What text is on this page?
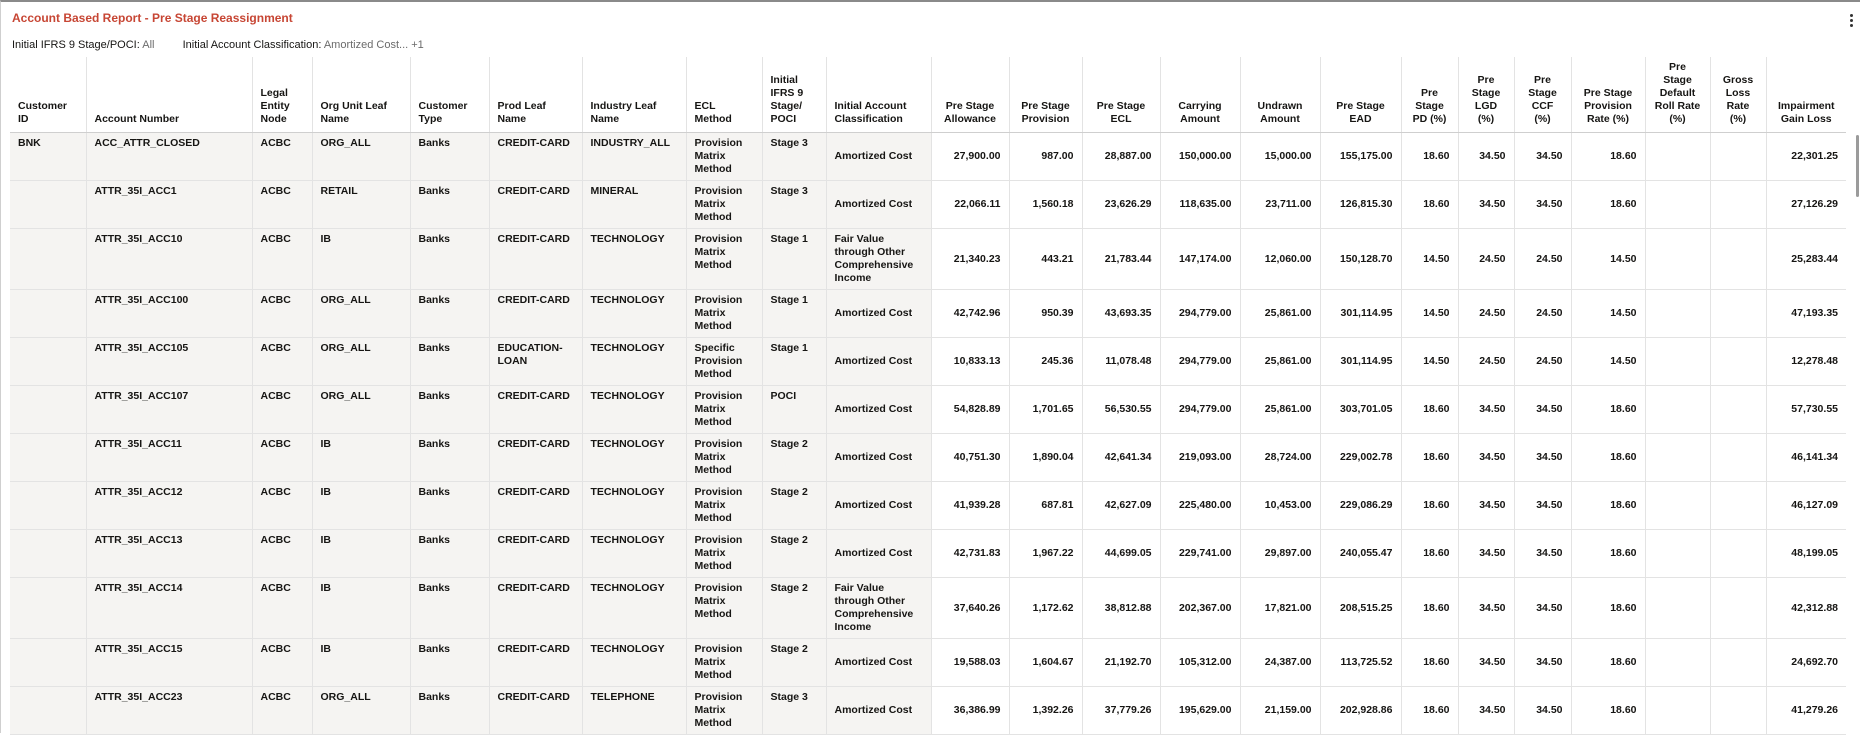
Account Based Report - Pre Stage Reassignment
Initial IFRS 9 Stage/POCI: All	Initial Account Classification: Amortized Cost... +1
Customer ID	Account Number	Legal Entity Node	Org Unit Leaf Name	Customer Type	Prod Leaf Name	Industry Leaf Name	ECL Method	Initial IFRS 9 Stage/ POCI	Initial Account Classification	Pre Stage Allowance	Pre Stage Provision	Pre Stage ECL	Carrying Amount	Undrawn Amount	Pre Stage EAD	Pre Stage PD (%)	Pre Stage LGD (%)	Pre Stage CCF (%)	Pre Stage Provision Rate (%)	Pre Stage Default Roll Rate (%)	Gross Loss Rate (%)	Impairment Gain Loss
BNK	ACC_ATTR_CLOSED	ACBC	ORG_ALL	Banks	CREDIT-CARD	INDUSTRY_ALL	Provision Matrix Method	Stage 3	Amortized Cost	27,900.00	987.00	28,887.00	150,000.00	15,000.00	155,175.00	18.60	34.50	34.50	18.60			22,301.25
	ATTR_35I_ACC1	ACBC	RETAIL	Banks	CREDIT-CARD	MINERAL	Provision Matrix Method	Stage 3	Amortized Cost	22,066.11	1,560.18	23,626.29	118,635.00	23,711.00	126,815.30	18.60	34.50	34.50	18.60			27,126.29
	ATTR_35I_ACC10	ACBC	IB	Banks	CREDIT-CARD	TECHNOLOGY	Provision Matrix Method	Stage 1	Fair Value through Other Comprehensive Income	21,340.23	443.21	21,783.44	147,174.00	12,060.00	150,128.70	14.50	24.50	24.50	14.50			25,283.44
	ATTR_35I_ACC100	ACBC	ORG_ALL	Banks	CREDIT-CARD	TECHNOLOGY	Provision Matrix Method	Stage 1	Amortized Cost	42,742.96	950.39	43,693.35	294,779.00	25,861.00	301,114.95	14.50	24.50	24.50	14.50			47,193.35
	ATTR_35I_ACC105	ACBC	ORG_ALL	Banks	EDUCATION-LOAN	TECHNOLOGY	Specific Provision Method	Stage 1	Amortized Cost	10,833.13	245.36	11,078.48	294,779.00	25,861.00	301,114.95	14.50	24.50	24.50	14.50			12,278.48
	ATTR_35I_ACC107	ACBC	ORG_ALL	Banks	CREDIT-CARD	TECHNOLOGY	Provision Matrix Method	POCI	Amortized Cost	54,828.89	1,701.65	56,530.55	294,779.00	25,861.00	303,701.05	18.60	34.50	34.50	18.60			57,730.55
	ATTR_35I_ACC11	ACBC	IB	Banks	CREDIT-CARD	TECHNOLOGY	Provision Matrix Method	Stage 2	Amortized Cost	40,751.30	1,890.04	42,641.34	219,093.00	28,724.00	229,002.78	18.60	34.50	34.50	18.60			46,141.34
	ATTR_35I_ACC12	ACBC	IB	Banks	CREDIT-CARD	TECHNOLOGY	Provision Matrix Method	Stage 2	Amortized Cost	41,939.28	687.81	42,627.09	225,480.00	10,453.00	229,086.29	18.60	34.50	34.50	18.60			46,127.09
	ATTR_35I_ACC13	ACBC	IB	Banks	CREDIT-CARD	TECHNOLOGY	Provision Matrix Method	Stage 2	Amortized Cost	42,731.83	1,967.22	44,699.05	229,741.00	29,897.00	240,055.47	18.60	34.50	34.50	18.60			48,199.05
	ATTR_35I_ACC14	ACBC	IB	Banks	CREDIT-CARD	TECHNOLOGY	Provision Matrix Method	Stage 2	Fair Value through Other Comprehensive Income	37,640.26	1,172.62	38,812.88	202,367.00	17,821.00	208,515.25	18.60	34.50	34.50	18.60			42,312.88
	ATTR_35I_ACC15	ACBC	IB	Banks	CREDIT-CARD	TECHNOLOGY	Provision Matrix Method	Stage 2	Amortized Cost	19,588.03	1,604.67	21,192.70	105,312.00	24,387.00	113,725.52	18.60	34.50	34.50	18.60			24,692.70
	ATTR_35I_ACC23	ACBC	ORG_ALL	Banks	CREDIT-CARD	TELEPHONE	Provision Matrix Method	Stage 3	Amortized Cost	36,386.99	1,392.26	37,779.26	195,629.00	21,159.00	202,928.86	18.60	34.50	34.50	18.60			41,279.26
